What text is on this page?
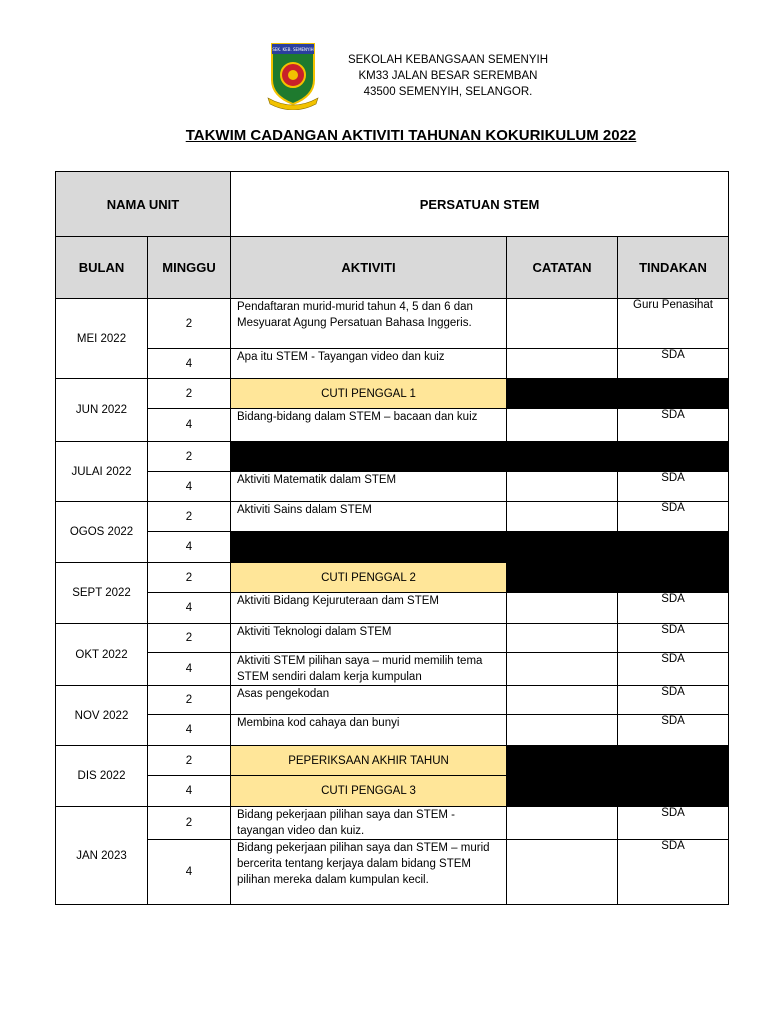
SEK. KEB. SEMENYIH
SEKOLAH KEBANGSAAN SEMENYIH
KM33 JALAN BESAR SEREMBAN
43500 SEMENYIH, SELANGOR.
TAKWIM CADANGAN AKTIVITI TAHUNAN KOKURIKULUM 2022
NAMA UNIT		PERSATUAN STEM		
BULAN	MINGGU	AKTIVITI	CATATAN	TINDAKAN
MEI 2022	2	Pendaftaran murid-murid tahun 4, 5 dan 6 dan Mesyuarat Agung Persatuan Bahasa Inggeris.		Guru Penasihat
	4	Apa itu STEM - Tayangan video dan kuiz		SDA
JUN 2022	2	CUTI PENGGAL 1		
	4	Bidang-bidang dalam STEM – bacaan dan kuiz		SDA
JULAI 2022	2			
	4	Aktiviti Matematik dalam STEM		SDA
OGOS 2022	2	Aktiviti Sains dalam STEM		SDA
	4			
SEPT 2022	2	CUTI PENGGAL 2		
	4	Aktiviti Bidang Kejuruteraan dam STEM		SDA
OKT 2022	2	Aktiviti Teknologi dalam STEM		SDA
	4	Aktiviti STEM pilihan saya – murid memilih tema STEM sendiri dalam kerja kumpulan		SDA
NOV 2022	2	Asas pengekodan		SDA
	4	Membina kod cahaya dan bunyi		SDA
DIS 2022	2	PEPERIKSAAN AKHIR TAHUN		
	4	CUTI PENGGAL 3		
JAN 2023	2	Bidang pekerjaan pilihan saya dan STEM - tayangan video dan kuiz.		SDA
	4	Bidang pekerjaan pilihan saya dan STEM – murid bercerita tentang kerjaya dalam bidang STEM pilihan mereka dalam kumpulan kecil.		SDA
